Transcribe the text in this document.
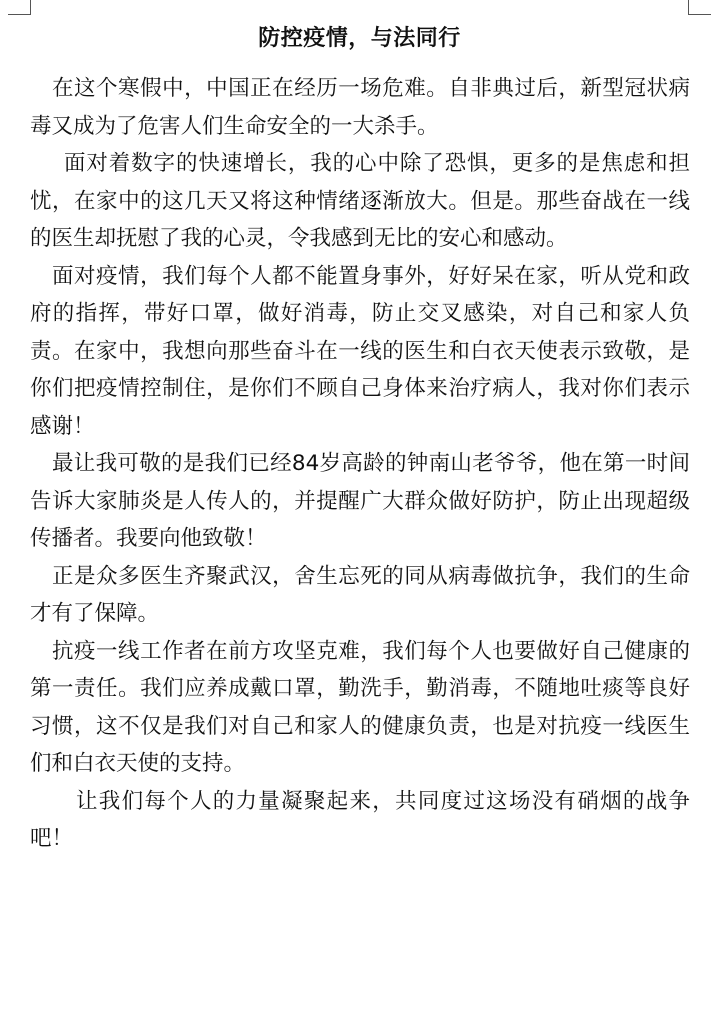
防控疫情，与法同行

在这个寒假中，中国正在经历一场危难。自非典过后，新型冠状病毒又成为了危害人们生命安全的一大杀手。

面对着数字的快速增长，我的心中除了恐惧，更多的是焦虑和担忧，在家中的这几天又将这种情绪逐渐放大。但是。那些奋战在一线的医生却抚慰了我的心灵，令我感到无比的安心和感动。

面对疫情，我们每个人都不能置身事外，好好呆在家，听从党和政府的指挥，带好口罩，做好消毒，防止交叉感染，对自己和家人负责。在家中，我想向那些奋斗在一线的医生和白衣天使表示致敬，是你们把疫情控制住，是你们不顾自己身体来治疗病人，我对你们表示感谢！

最让我可敬的是我们已经84岁高龄的钟南山老爷爷，他在第一时间告诉大家肺炎是人传人的，并提醒广大群众做好防护，防止出现超级传播者。我要向他致敬！

正是众多医生齐聚武汉，舍生忘死的同从病毒做抗争，我们的生命才有了保障。

抗疫一线工作者在前方攻坚克难，我们每个人也要做好自己健康的第一责任。我们应养成戴口罩，勤洗手，勤消毒，不随地吐痰等良好习惯，这不仅是我们对自己和家人的健康负责，也是对抗疫一线医生们和白衣天使的支持。

让我们每个人的力量凝聚起来，共同度过这场没有硝烟的战争吧！
